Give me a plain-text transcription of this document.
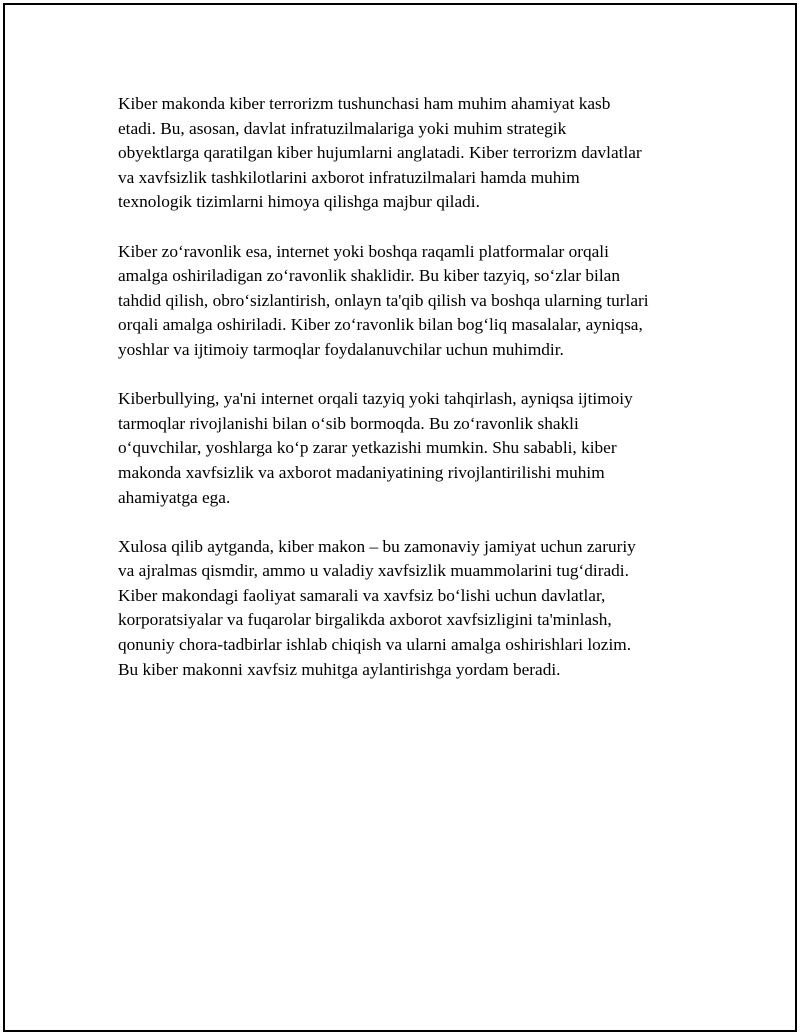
Kiber makonda kiber terrorizm tushunchasi ham muhim ahamiyat kasb
etadi. Bu, asosan, davlat infratuzilmalariga yoki muhim strategik
obyektlarga qaratilgan kiber hujumlarni anglatadi. Kiber terrorizm davlatlar
va xavfsizlik tashkilotlarini axborot infratuzilmalari hamda muhim
texnologik tizimlarni himoya qilishga majbur qiladi.

Kiber zo‘ravonlik esa, internet yoki boshqa raqamli platformalar orqali
amalga oshiriladigan zo‘ravonlik shaklidir. Bu kiber tazyiq, so‘zlar bilan
tahdid qilish, obro‘sizlantirish, onlayn ta'qib qilish va boshqa ularning turlari
orqali amalga oshiriladi. Kiber zo‘ravonlik bilan bog‘liq masalalar, ayniqsa,
yoshlar va ijtimoiy tarmoqlar foydalanuvchilar uchun muhimdir.

Kiberbullying, ya'ni internet orqali tazyiq yoki tahqirlash, ayniqsa ijtimoiy
tarmoqlar rivojlanishi bilan o‘sib bormoqda. Bu zo‘ravonlik shakli
o‘quvchilar, yoshlarga ko‘p zarar yetkazishi mumkin. Shu sababli, kiber
makonda xavfsizlik va axborot madaniyatining rivojlantirilishi muhim
ahamiyatga ega.

Xulosa qilib aytganda, kiber makon – bu zamonaviy jamiyat uchun zaruriy
va ajralmas qismdir, ammo u valadiy xavfsizlik muammolarini tug‘diradi.
Kiber makondagi faoliyat samarali va xavfsiz bo‘lishi uchun davlatlar,
korporatsiyalar va fuqarolar birgalikda axborot xavfsizligini ta'minlash,
qonuniy chora-tadbirlar ishlab chiqish va ularni amalga oshirishlari lozim.
Bu kiber makonni xavfsiz muhitga aylantirishga yordam beradi.
